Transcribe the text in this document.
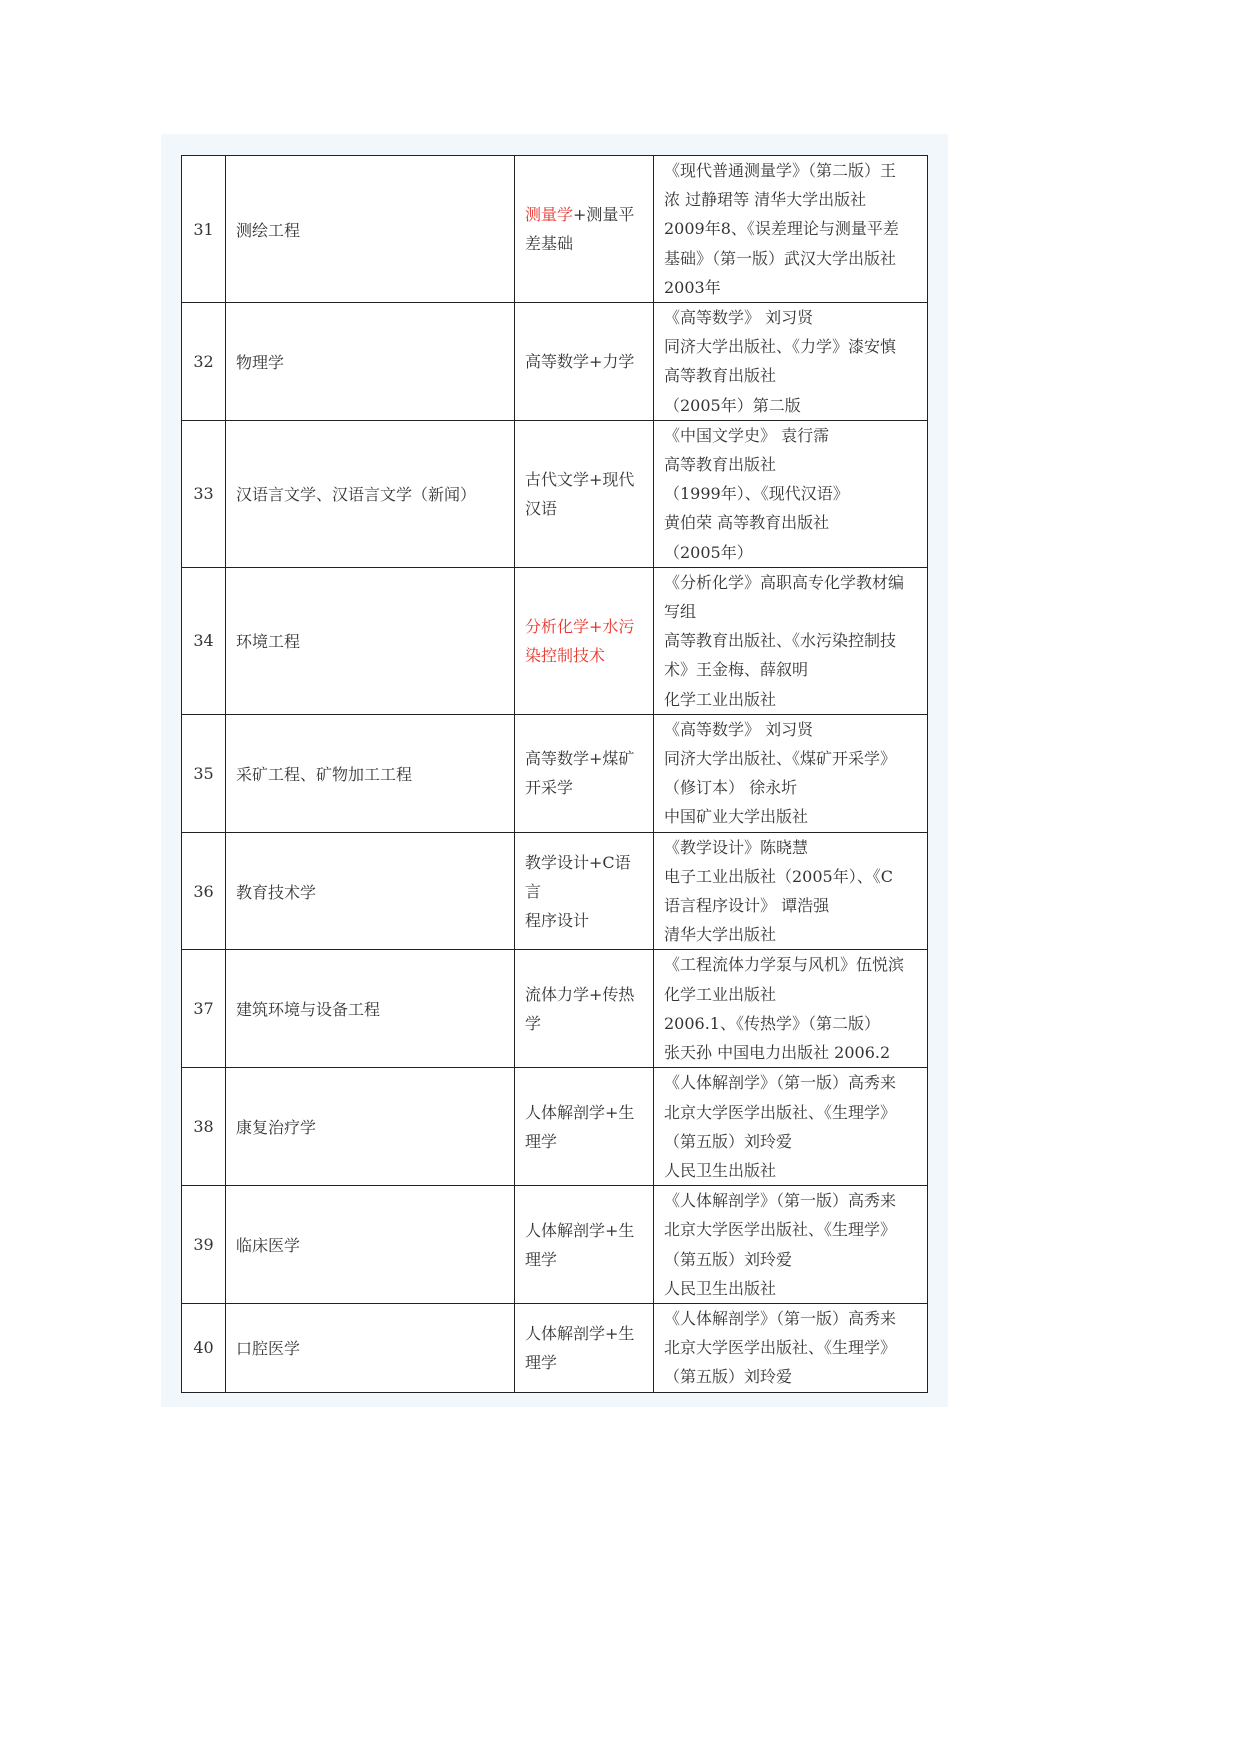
31	测绘工程	测量学+测量平
差基础	《现代普通测量学》（第二版）王
浓 过静珺等 清华大学出版社
2009年8、《误差理论与测量平差
基础》（第一版）武汉大学出版社
2003年

32	物理学	高等数学+力学	《高等数学》 刘习贤
同济大学出版社、《力学》漆安慎
高等教育出版社
（2005年）第二版

33	汉语言文学、汉语言文学（新闻）	古代文学+现代
汉语	《中国文学史》 袁行霈
高等教育出版社
（1999年）、《现代汉语》
黄伯荣 高等教育出版社
（2005年）

34	环境工程	分析化学+水污
染控制技术	《分析化学》高职高专化学教材编
写组
高等教育出版社、《水污染控制技
术》王金梅、薛叙明
化学工业出版社

35	采矿工程、矿物加工工程	高等数学+煤矿
开采学	《高等数学》 刘习贤
同济大学出版社、《煤矿开采学》
（修订本） 徐永圻
中国矿业大学出版社

36	教育技术学	教学设计+C语言
程序设计	《教学设计》陈晓慧
电子工业出版社（2005年）、《C
语言程序设计》 谭浩强
清华大学出版社

37	建筑环境与设备工程	流体力学+传热
学	《工程流体力学泵与风机》伍悦滨
化学工业出版社
2006.1、《传热学》（第二版）
张天孙 中国电力出版社 2006.2

38	康复治疗学	人体解剖学+生
理学	《人体解剖学》（第一版）高秀来
北京大学医学出版社、《生理学》
（第五版）刘玲爱
人民卫生出版社

39	临床医学	人体解剖学+生
理学	《人体解剖学》（第一版）高秀来
北京大学医学出版社、《生理学》
（第五版）刘玲爱
人民卫生出版社

40	口腔医学	人体解剖学+生
理学	《人体解剖学》（第一版）高秀来
北京大学医学出版社、《生理学》
（第五版）刘玲爱
